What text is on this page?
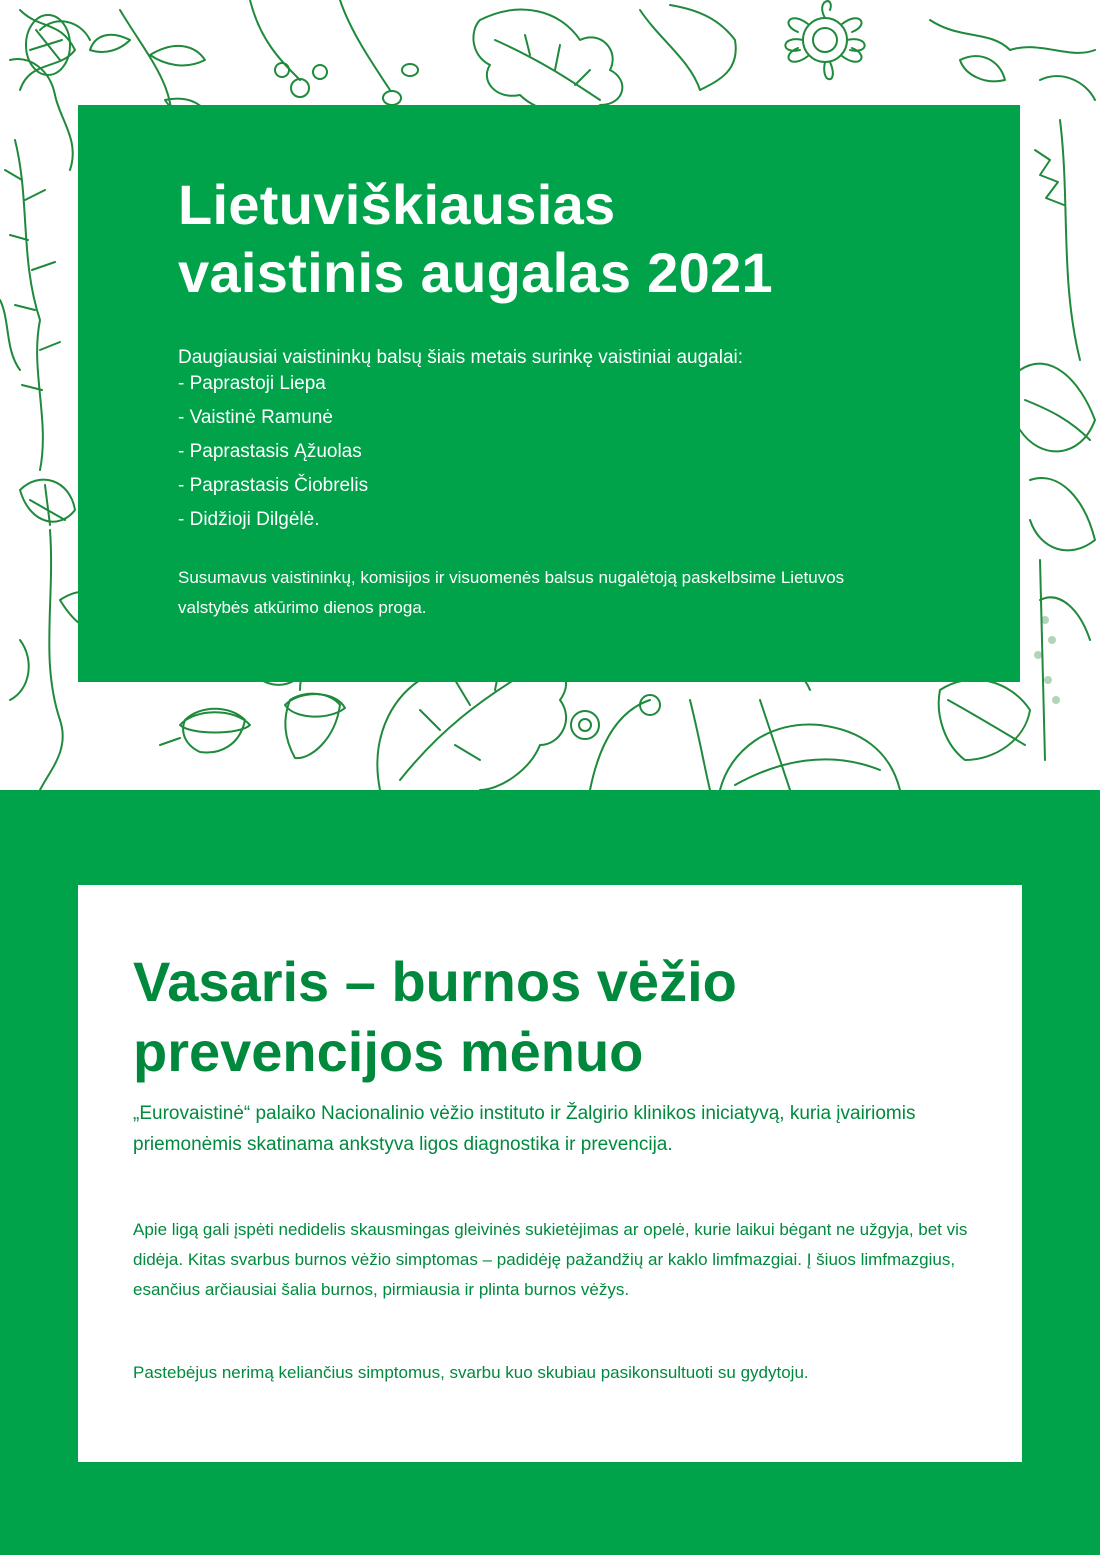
Lietuviškiausias
vaistinis augalas 2021

Daugiausiai vaistininkų balsų šiais metais surinkę vaistiniai augalai:

- Paprastoji Liepa
- Vaistinė Ramunė
- Paprastasis Ąžuolas
- Paprastasis Čiobrelis
- Didžioji Dilgėlė.

Susumavus vaistininkų, komisijos ir visuomenės balsus nugalėtoją paskelbsime Lietuvos valstybės atkūrimo dienos proga.

Vasaris – burnos vėžio
prevencijos mėnuo

„Eurovaistinė“ palaiko Nacionalinio vėžio instituto ir Žalgirio klinikos iniciatyvą, kuria įvairiomis priemonėmis skatinama ankstyva ligos diagnostika ir prevencija.

Apie ligą gali įspėti nedidelis skausmingas gleivinės sukietėjimas ar opelė, kurie laikui bėgant ne užgyja, bet vis didėja. Kitas svarbus burnos vėžio simptomas – padidėję pažandžių ar kaklo limfmazgiai. Į šiuos limfmazgius, esančius arčiausiai šalia burnos, pirmiausia ir plinta burnos vėžys.

Pastebėjus nerimą keliančius simptomus, svarbu kuo skubiau pasikonsultuoti su gydytoju.
